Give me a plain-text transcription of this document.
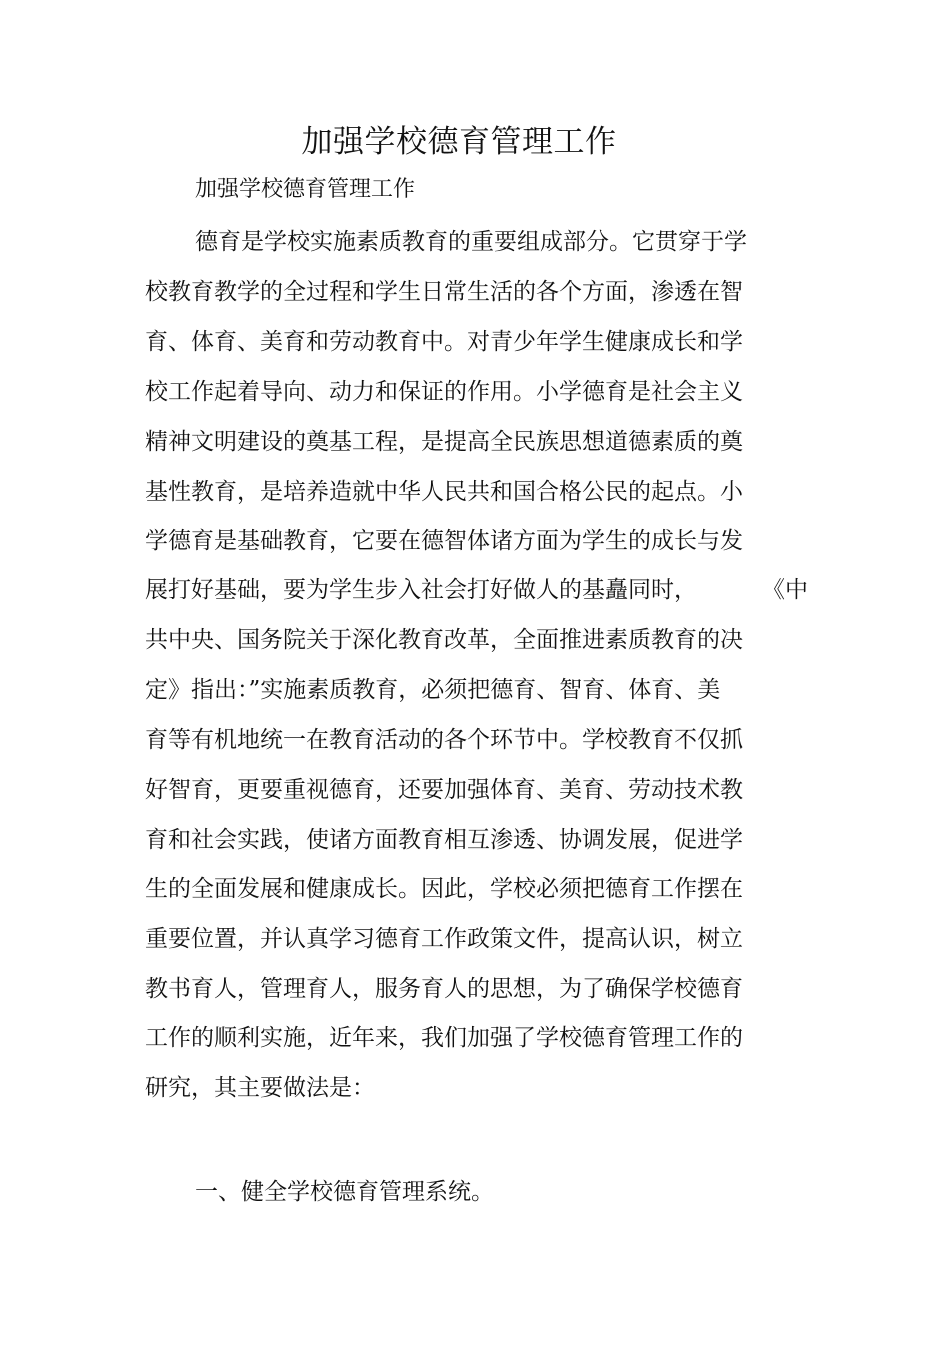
加强学校德育管理工作

加强学校德育管理工作

德育是学校实施素质教育的重要组成部分。它贯穿于学

校教育教学的全过程和学生日常生活的各个方面，渗透在智

育、体育、美育和劳动教育中。对青少年学生健康成长和学

校工作起着导向、动力和保证的作用。小学德育是社会主义

精神文明建设的奠基工程，是提高全民族思想道德素质的奠

基性教育，是培养造就中华人民共和国合格公民的起点。小

学德育是基础教育，它要在德智体诸方面为学生的成长与发

展打好基础，要为学生步入社会打好做人的基矗同时，	《中

共中央、国务院关于深化教育改革，全面推进素质教育的决

定》指出：”实施素质教育，必须把德育、智育、体育、美

育等有机地统一在教育活动的各个环节中。学校教育不仅抓

好智育，更要重视德育，还要加强体育、美育、劳动技术教

育和社会实践，使诸方面教育相互渗透、协调发展，促进学

生的全面发展和健康成长。因此，学校必须把德育工作摆在

重要位置，并认真学习德育工作政策文件，提高认识，树立

教书育人，管理育人，服务育人的思想，为了确保学校德育

工作的顺利实施，近年来，我们加强了学校德育管理工作的

研究，其主要做法是：

一、健全学校德育管理系统。
